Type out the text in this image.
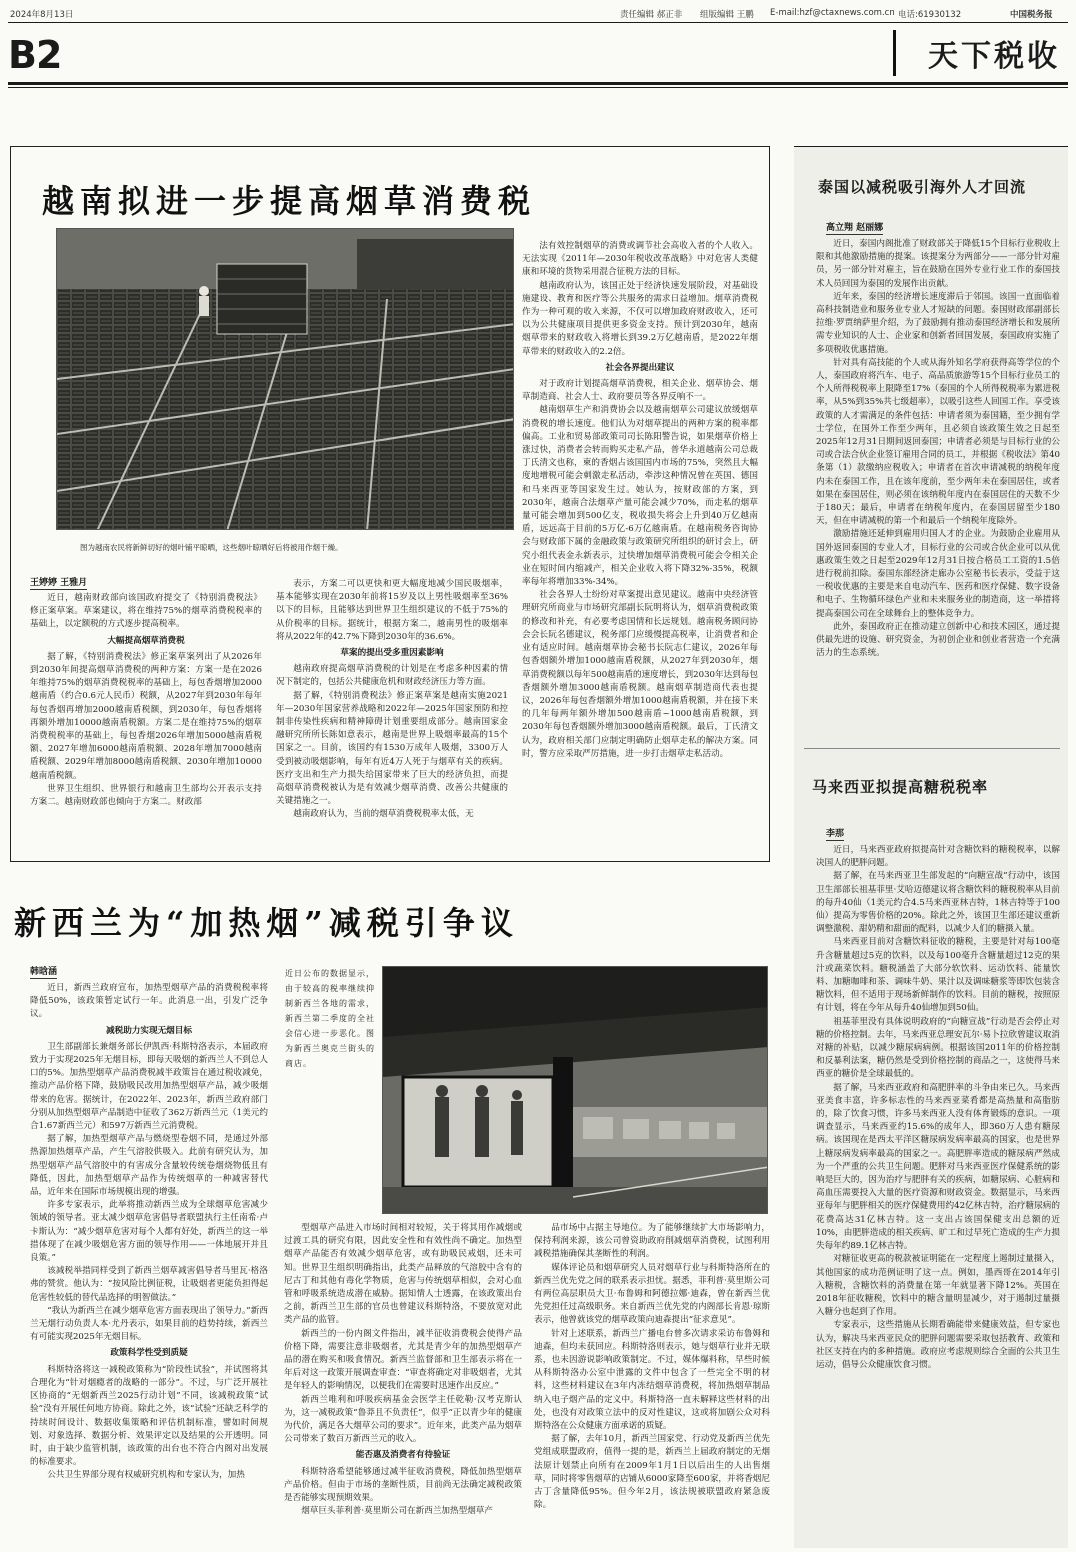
2024年8月13日	责任编辑 郝正非 组版编辑 王鹏 E-mail:hzf@ctaxnews.com.cn 电话:61930132	中国税务报
B2	天下税收
越南拟进一步提高烟草消费税
图为越南农民将新鲜切好的烟叶铺平晾晒，这些烟叶晾晒好后将被用作烟干燥。
王婷婷 王雅月

近日，越南财政部向该国政府提交了《特别消费税法》修正案草案。草案建议，将在维持75%的烟草消费税税率的基础上，以定额税的方式逐步提高税率。

大幅提高烟草消费税

据了解，《特别消费税法》修正案草案列出了从2026年到2030年间提高烟草消费税的两种方案：方案一是在2026年维持75%的烟草消费税税率的基础上，每包香烟增加2000越南盾（约合0.6元人民币）税额，从2027年到2030年每年每包香烟再增加2000越南盾税额，到2030年，每包香烟将再额外增加10000越南盾税额。方案二是在维持75%的烟草消费税税率的基础上，每包香烟2026年增加5000越南盾税额、2027年增加6000越南盾税额、2028年增加7000越南盾税额、2029年增加8000越南盾税额、2030年增加10000越南盾税额。

世界卫生组织、世界银行和越南卫生部均公开表示支持方案二。越南财政部也倾向于方案二。财政部

表示，方案二可以更快和更大幅度地减少国民吸烟率，基本能够实现在2030年前将15岁及以上男性吸烟率至36%以下的目标，且能够达到世界卫生组织建议的不低于75%的从价税率的目标。据统计，根据方案二，越南男性的吸烟率将从2022年的42.7%下降到2030年的36.6%。

草案的提出受多重因素影响

越南政府提高烟草消费税的计划是在考虑多种因素的情况下制定的，包括公共健康危机和财政经济压力等方面。

据了解，《特别消费税法》修正案草案是越南实施2021年—2030年国家营养战略和2022年—2025年国家预防和控制非传染性疾病和精神障碍计划重要组成部分。越南国家金融研究所所长陈如意表示，越南是世界上吸烟率最高的15个国家之一。目前，该国约有1530万成年人吸烟，3300万人受到被动吸烟影响，每年有近4万人死于与烟草有关的疾病。医疗支出和生产力损失给国家带来了巨大的经济负担，而提高烟草消费税被认为是有效减少烟草消费、改善公共健康的关键措施之一。

越南政府认为，当前的烟草消费税税率太低，无

法有效控制烟草的消费或调节社会高收入者的个人收入。无法实现《2011年—2030年税收改革战略》中对危害人类健康和环境的货物采用混合征税方法的目标。

越南政府认为，该国正处于经济快速发展阶段，对基础设施建设、教育和医疗等公共服务的需求日益增加。烟草消费税作为一种可观的收入来源，不仅可以增加政府财政收入，还可以为公共健康项目提供更多资金支持。预计到2030年，越南烟草带来的财政收入将增长到39.2万亿越南盾，是2022年烟草带来的财政收入的2.2倍。

社会各界提出建议

对于政府计划提高烟草消费税，相关企业、烟草协会、烟草制造商、社会人士、政府要员等各界反响不一。

越南烟草生产和消费协会以及越南烟草公司建议放缓烟草消费税的增长速度。他们认为对烟草提出的两种方案的税率都偏高。工业和贸易部政策司司长陈阳警告说，如果烟草价格上涨过快，消费者会转而购买走私产品，普华永道越南公司总裁丁氏清文也称，柬的香烟占该国国内市场的75%，突然且大幅度地增税可能会刺激走私活动，牵涉这种情况曾在英国、德国和马来西亚等国家发生过。她认为，按财政部的方案，到2030年，越南合法烟草产量可能会减少70%，而走私的烟草量可能会增加到500亿支，税收损失将会上升到40万亿越南盾，远远高于目前的5万亿-6万亿越南盾。在越南税务咨询协会与财政部下属的金融政策与政策研究所组织的研讨会上，研究小组代表金永新表示，过快增加烟草消费税可能会令相关企业在短时间内缩减产，相关企业收入将下降32%-35%，税额率每年将增加33%-34%。

社会各界人士纷纷对草案提出意见建议。越南中央经济管理研究所商业与市场研究部副长阮明将认为，烟草消费税政策的修改和补充，有必要考虑国情和长远规划。越南税务顾问协会会长阮名德建议，税务部门应缓慢提高税率，让消费者和企业有适应时间。越南烟草协会秘书长阮志仁建议，2026年每包香烟额外增加1000越南盾税额，从2027年到2030年，烟草消费税额以每年500越南盾的速度增长，到2030年达到每包香烟额外增加3000越南盾税额。越南烟草制造商代表也提议，2026年每包香烟额外增加1000越南盾税额，并在接下来的几年每两年额外增加500越南盾~1000越南盾税额，到2030年每包香烟额外增加3000越南盾税额。最后，丁氏清文认为，政府相关部门应制定明确防止烟草走私的解决方案。同时，警方应采取严厉措施，进一步打击烟草走私活动。

新西兰为“加热烟”减税引争议
韩晗涵	近日公布的数据显示，由于较高的税率继续抑制新西兰各地的需求，新西兰第二季度的全社会信心进一步恶化。图为新西兰奥克兰街头的商店。

近日，新西兰政府宣布，加热型烟草产品的消费税税率将降低50%，该政策暂定试行一年。此消息一出，引发广泛争议。

减税助力实现无烟目标

卫生部副部长兼烟务部长伊凯西·科斯特洛表示，本届政府致力于实现2025年无烟目标，即每天吸烟的新西兰人不到总人口的5%。加热型烟草产品消费税减半政策旨在通过税收减免，推动产品价格下降，鼓励吸民改用加热型烟草产品，减少吸烟带来的危害。据统计，在2022年、2023年，新西兰政府部门分别从加热型烟草产品制造中征收了362万新西兰元（1美元约合1.67新西兰元）和597万新西兰元消费税。

据了解，加热型烟草产品与燃烧型卷烟不同，是通过外部热源加热烟草产品，产生气溶胶供吸入。此前有研究认为，加热型烟草产品气溶胶中的有害成分含量较传统卷烟烧物低且有降低，因此，加热型烟草产品作为传统烟草的一种减害替代品，近年来在国际市场规模出现的增强。

许多专家表示，此举将推动新西兰成为全球烟草危害减少领域的领导者。亚太减少烟草危害倡导者联盟执行主任南希·卢卡斯认为：“减少烟草危害对每个人都有好处，新西兰的这一举措体现了在减少吸烟危害方面的领导作用——一体地展开并且良策。”

该减税举措同样受到了新西兰烟草减害倡导者马里瓦·格洛弗的赞赏。他认为：“按风险比例征税，让吸烟者更能负担得起危害性较低的替代品选择的明智做法。”

“我认为新西兰在减少烟草危害方面表现出了领导力。”新西兰无烟行动负责人本·尤丹表示，如果目前的趋势持续，新西兰有可能实现2025年无烟目标。

政策科学性受到质疑

科斯特洛将这一减税政策称为“阶段性试验”，并试图将其合理化为“针对烟瘾者的战略的一部分”。不过，与广泛开展社区协商的“无烟新西兰2025行动计划”不同，该减税政策“试验”没有开展任何地方协商。除此之外，该“试验”还缺乏科学的持续时间设计、数据收集策略和评估机制标准，譬如时间规划、对象选择、数据分析、效果评定以及结果的公开透明。同时，由于缺少监管机制，该政策的出台也不符合内阁对出发展的标准要求。

公共卫生界部分现有权威研究机构和专家认为，加热

型烟草产品进入市场时间相对较短，关于将其用作减烟或过渡工具的研究有限，因此安全性和有效性尚不确定。加热型烟草产品能否有效减少烟草危害，或有助吸民戒烟，还未可知。世界卫生组织明确指出，此类产品释放的气溶胶中含有的尼古丁和其他有毒化学物质，危害与传统烟草相似，会对心血管和呼吸系统造成潜在威胁。据知情人士透露，在该政策出台之前，新西兰卫生部的官员也曾建议科斯特洛，不要放宽对此类产品的监管。

新西兰的一份内阁文件指出，减半征收消费税会使得产品价格下降，需要注意非吸烟者，尤其是青少年的加热型烟草产品的潜在购买和吸食情况。新西兰监督部和卫生部表示将在一年后对这一政策开展调查审查：“审查将确定对非吸烟者，尤其是年轻人的影响情况，以便我们在需要时迅速作出反应。”

新西兰唯利和呼吸疾病基金会医学主任乾勒·汉考克斯认为，这一减税政策“鲁莽且不负责任”，似乎“正以青少年的健康为代价，满足各大烟草公司的要求”。近年来，此类产品为烟草公司带来了数百万新西兰元的收入。

能否惠及消费者有待验证

科斯特洛希望能够通过减半征收消费税，降低加热型烟草产品价格。但由于市场的垄断性质，目前尚无法确定减税政策是否能够实现预期效果。

烟草巨头菲利普·莫里斯公司在新西兰加热型烟草产

品市场中占据主导地位。为了能够继续扩大市场影响力，保持利润来源，该公司曾资助政府削减烟草消费税，试图利用减税措施确保其垄断性的利润。

媒体评论员和烟草研究人员对烟草行业与科斯特洛所在的新西兰优先党之间的联系表示担忧。据悉，菲利普·莫里斯公司有两位高层职员大卫·布鲁姆和阿德拉娜·迪森，曾在新西兰优先党担任过高级职务。来自新西兰优先党的内阁部长肯恩·琼斯表示，他曾就该党的烟草政策向迪森提出“征求意见”。

针对上述联系，新西兰广播电台曾多次请求采访布鲁姆和迪森，但均未获回应。科斯特洛则表示，她与烟草行业并无联系，也未因游说影响政策制定。不过，媒体爆料称，早些时候从科斯特洛办公室中泄露的文件中包含了一些完全不明的材料，这些材料建议在3年内冻结烟草消费税，将加热烟草制品纳入电子烟产品的定义中。科斯特洛一直未解释这些材料的出处，也没有对政策立法中的反对性建议，这或将加剧公众对科斯特洛在公众健康方面承诺的质疑。

据了解，去年10月，新西兰国家党、行动党及新西兰优先党组成联盟政府，值得一提的是，新西兰上届政府制定的无烟法原计划禁止向所有在2009年1月1日以后出生的人出售烟草，同时将零售烟草的店铺从6000家降至600家，并将香烟尼古丁含量降低95%。但今年2月，该法规被联盟政府紧急废除。

泰国以减税吸引海外人才回流
高立翔 赵丽娜

近日，泰国内阁批准了财政部关于降低15个目标行业税收上限和其他激励措施的提案。该提案分为两部分——一部分针对雇员，另一部分针对雇主，旨在鼓励在国外专业行业工作的泰国技术人员回国为泰国的发展作出贡献。

近年来，泰国的经济增长速度滞后于邻国。该国一直面临着高科技制造业和服务业专业人才短缺的问题。泰国财政部副部长拉维·罗贾纳萨里介绍，为了鼓励拥有推动泰国经济增长和发展所需专业知识的人士、企业家和创新者回国发展，泰国政府实施了多项税收优惠措施。

针对具有高技能的个人或从海外知名学府获得高等学位的个人，泰国政府将汽车、电子、高品质旅游等15个目标行业员工的个人所得税税率上限降至17%（泰国的个人所得税税率为累进税率，从5%到35%共七级超率），以吸引这些人回国工作。享受该政策的人才需满足的条件包括：申请者须为泰国籍，至少拥有学士学位，在国外工作至少两年，且必须自该政策生效之日起至2025年12月31日期间返回泰国；申请者必须是与目标行业的公司或合法合伙企业签订雇用合同的员工，并根据《税收法》第40条第（1）款缴纳应税收入；申请者在首次申请减税的纳税年度内未在泰国工作，且在该年度前，至少两年未在泰国居住，或者如果在泰国居住，则必须在该纳税年度内在泰国居住的天数不少于180天；最后，申请者在纳税年度内，在泰国居留至少180天，但在申请减税的第一个和最后一个纳税年度除外。

激励措施还延伸到雇用归国人才的企业。为鼓励企业雇用从国外返回泰国的专业人才，目标行业的公司或合伙企业可以从优惠政策生效之日起至2029年12月31日按合格员工工资的1.5倍进行税前扣除。泰国东部经济走廊办公室秘书长表示，受益于这一税收优惠的主要是来自电动汽车、医药和医疗保健、数字设备和电子、生物循环绿色产业和未来服务业的制造商，这一举措将提高泰国公司在全球舞台上的整体竞争力。

此外，泰国政府正在推动建立创新中心和技术园区，通过提供最先进的设施、研究资金，为初创企业和创业者营造一个充满活力的生态系统。

马来西亚拟提高糖税税率
李那

近日，马来西亚政府拟提高针对含糖饮料的糖税税率，以解决国人的肥胖问题。

据了解，在马来西亚卫生部发起的“向糖宣战”行动中，该国卫生部部长祖基菲里·艾哈迈德建议将含糖饮料的糖税税率从目前的每升40仙（1美元约合4.5马来西亚林吉特，1林吉特等于100仙）提高为零售价格的20%。除此之外，该国卫生部还建议重新调整激税、甜奶精和甜面的配料，以减少人们的糖摄入量。

马来西亚目前对含糖饮料征收的糖税，主要是针对每100毫升含糖量超过5克的饮料，以及每100毫升含糖量超过12克的果汁或蔬菜饮料。糖税涵盖了大部分软饮料、运动饮料、能量饮料、加糖咖啡和茶、调味牛奶、果汁以及调味糖浆等即饮包装含糖饮料，但不适用于现场新鲜制作的饮料。目前的糖税，按照原有计划，将在今年从每升40仙增加到50仙。

祖基菲里没有具体说明政府的“向糖宣战”行动是否会停止对糖的价格控制。去年，马来西亚总理安瓦尔·易卜拉欣曾建议取消对糖的补贴，以减少糖尿病病例。根据该国2011年的价格控制和反暴利法案，糖仍然是受到价格控制的商品之一，这使得马来西亚的糖价是全球最低的。

据了解，马来西亚政府和高肥胖率的斗争由来已久。马来西亚美食丰富，许多标志性的马来西亚菜肴都是高热量和高脂肪的，除了饮食习惯，许多马来西亚人没有体育锻炼的意识。一项调查显示，马来西亚约15.6%的成年人，即360万人患有糖尿病。该国现在是西太平洋区糖尿病发病率最高的国家，也是世界上糖尿病发病率最高的国家之一。高肥胖率造成的糖尿病严然成为一个严重的公共卫生问题。肥胖对马来西亚医疗保健系统的影响是巨大的，因为治疗与肥胖有关的疾病，如糖尿病、心脏病和高血压需要投入大量的医疗资源和财政资金。数据显示，马来西亚每年与肥胖相关的医疗保健费用约42亿林吉特，治疗糖尿病的花费高达31亿林吉特。这一支出占该国保健支出总额的近10%，由肥胖造成的相关疾病、旷工和过早死亡造成的生产力损失每年约89.1亿林吉特。

对糖征收更高的税款被证明能在一定程度上遏制过量摄入，其他国家的成功范例证明了这一点。例如，墨西哥在2014年引入糖税，含糖饮料的消费量在第一年就显著下降12%。英国在2018年征收糖税，饮料中的糖含量明显减少，对于遏制过量摄入糖分也起到了作用。

专家表示，这些措施从长期看确能带来健康效益，但专家也认为，解决马来西亚民众的肥胖问题需要采取包括教育、政策和社区支持在内的多种措施。政府应考虑规则综合全面的公共卫生运动，倡导公众健康饮食习惯。
